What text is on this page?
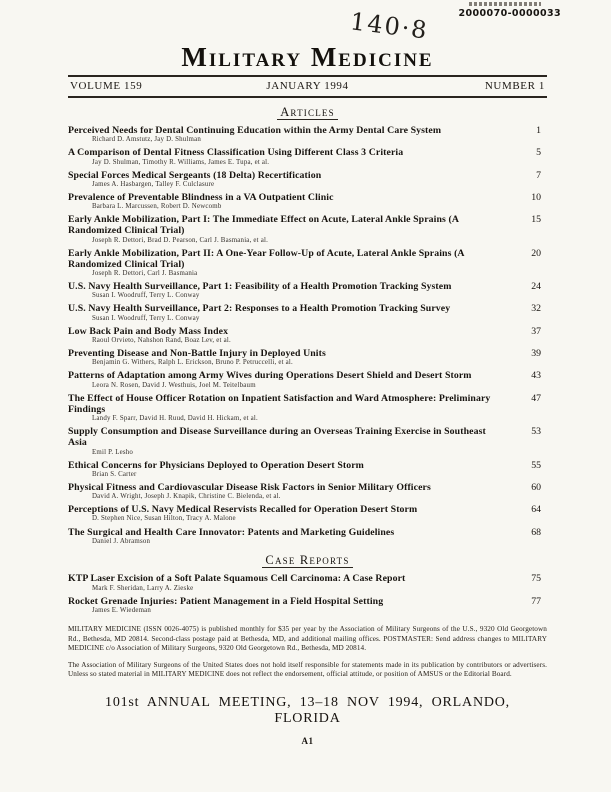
2000070-0000033
140·8
Military Medicine
VOLUME 159	JANUARY 1994	NUMBER 1
Articles
Perceived Needs for Dental Continuing Education within the Army Dental Care System
Richard D. Amstutz, Jay D. Shulman
1
A Comparison of Dental Fitness Classification Using Different Class 3 Criteria
Jay D. Shulman, Timothy R. Williams, James E. Tupa, et al.
5
Special Forces Medical Sergeants (18 Delta) Recertification
James A. Hasbargen, Talley F. Culclasure
7
Prevalence of Preventable Blindness in a VA Outpatient Clinic
Barbara L. Marcussen, Robert D. Newcomb
10
Early Ankle Mobilization, Part I: The Immediate Effect on Acute, Lateral Ankle Sprains (A Randomized Clinical Trial)
Joseph R. Dettori, Brad D. Pearson, Carl J. Basmania, et al.
15
Early Ankle Mobilization, Part II: A One-Year Follow-Up of Acute, Lateral Ankle Sprains (A Randomized Clinical Trial)
Joseph R. Dettori, Carl J. Basmania
20
U.S. Navy Health Surveillance, Part 1: Feasibility of a Health Promotion Tracking System
Susan I. Woodruff, Terry L. Conway
24
U.S. Navy Health Surveillance, Part 2: Responses to a Health Promotion Tracking Survey
Susan I. Woodruff, Terry L. Conway
32
Low Back Pain and Body Mass Index
Raoul Orvieto, Nahshon Rand, Boaz Lev, et al.
37
Preventing Disease and Non-Battle Injury in Deployed Units
Benjamin G. Withers, Ralph L. Erickson, Bruno P. Petruccelli, et al.
39
Patterns of Adaptation among Army Wives during Operations Desert Shield and Desert Storm
Leora N. Rosen, David J. Westhuis, Joel M. Teitelbaum
43
The Effect of House Officer Rotation on Inpatient Satisfaction and Ward Atmosphere: Preliminary Findings
Landy F. Sparr, David H. Ruud, David H. Hickam, et al.
47
Supply Consumption and Disease Surveillance during an Overseas Training Exercise in Southeast Asia
Emil P. Lesho
53
Ethical Concerns for Physicians Deployed to Operation Desert Storm
Brian S. Carter
55
Physical Fitness and Cardiovascular Disease Risk Factors in Senior Military Officers
David A. Wright, Joseph J. Knapik, Christine C. Bielenda, et al.
60
Perceptions of U.S. Navy Medical Reservists Recalled for Operation Desert Storm
D. Stephen Nice, Susan Hilton, Tracy A. Malone
64
The Surgical and Health Care Innovator: Patents and Marketing Guidelines
Daniel J. Abramson
68
Case Reports
KTP Laser Excision of a Soft Palate Squamous Cell Carcinoma: A Case Report
Mark F. Sheridan, Larry A. Zieske
75
Rocket Grenade Injuries: Patient Management in a Field Hospital Setting
James E. Wiedeman
77

MILITARY MEDICINE (ISSN 0026-4075) is published monthly for $35 per year by the Association of Military Surgeons of the U.S., 9320 Old Georgetown Rd., Bethesda, MD 20814. Second-class postage paid at Bethesda, MD, and additional mailing offices. POSTMASTER: Send address changes to MILITARY MEDICINE c/o Association of Military Surgeons, 9320 Old Georgetown Rd., Bethesda, MD 20814.

The Association of Military Surgeons of the United States does not hold itself responsible for statements made in its publication by contributors or advertisers. Unless so stated material in MILITARY MEDICINE does not reflect the endorsement, official attitude, or position of AMSUS or the Editorial Board.

101st ANNUAL MEETING, 13–18 NOV 1994, ORLANDO, FLORIDA
A1
